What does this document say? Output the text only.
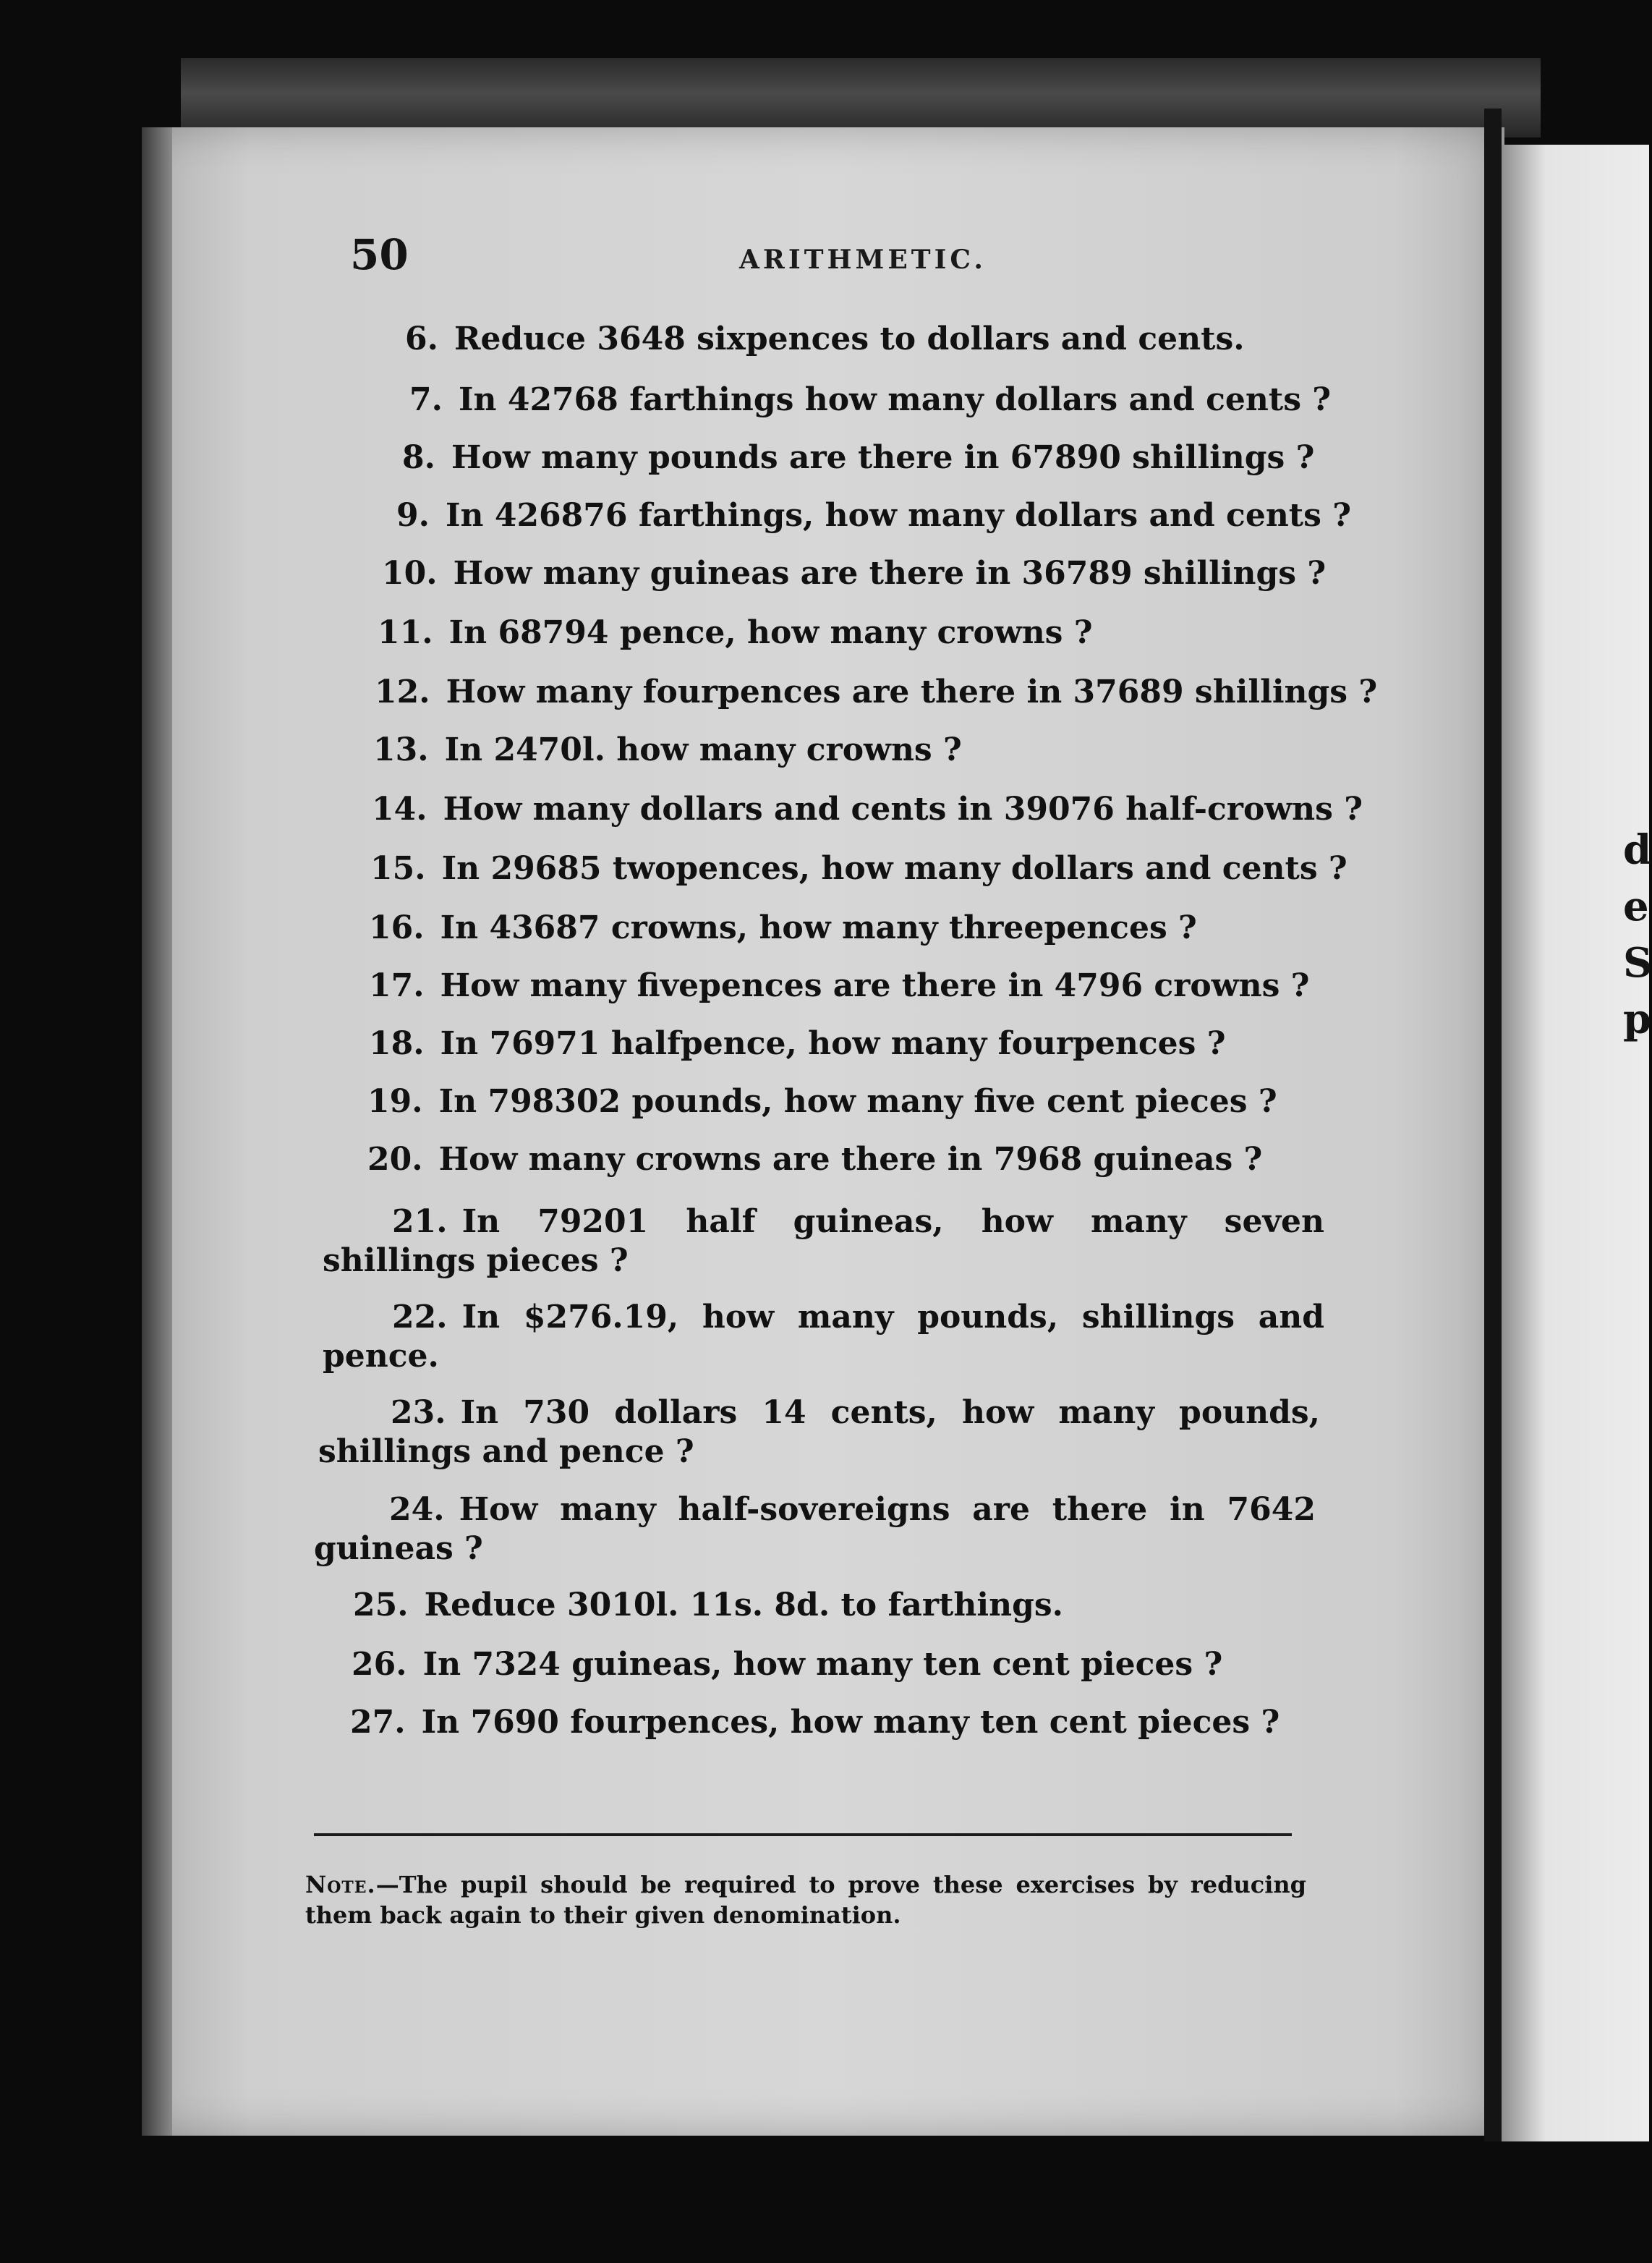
d
e
S
p
50	ARITHMETIC.
6. Reduce 3648 sixpences to dollars and cents.
7. In 42768 farthings how many dollars and cents ?
8. How many pounds are there in 67890 shillings ?
9. In 426876 farthings, how many dollars and cents ?
10. How many guineas are there in 36789 shillings ?
11. In 68794 pence, how many crowns ?
12. How many fourpences are there in 37689 shillings ?
13. In 2470l. how many crowns ?
14. How many dollars and cents in 39076 half-crowns ?
15. In 29685 twopences, how many dollars and cents ?
16. In 43687 crowns, how many threepences ?
17. How many fivepences are there in 4796 crowns ?
18. In 76971 halfpence, how many fourpences ?
19. In 798302 pounds, how many five cent pieces ?
20. How many crowns are there in 7968 guineas ?
21. In 79201 half guineas, how many seven shillings pieces ?
22. In $276.19, how many pounds, shillings and pence.
23. In 730 dollars 14 cents, how many pounds, shillings and pence ?
24. How many half-sovereigns are there in 7642 guineas ?
25. Reduce 3010l. 11s. 8d. to farthings.
26. In 7324 guineas, how many ten cent pieces ?
27. In 7690 fourpences, how many ten cent pieces ?
Note.—The pupil should be required to prove these exercises by reducing them back again to their given denomination.
